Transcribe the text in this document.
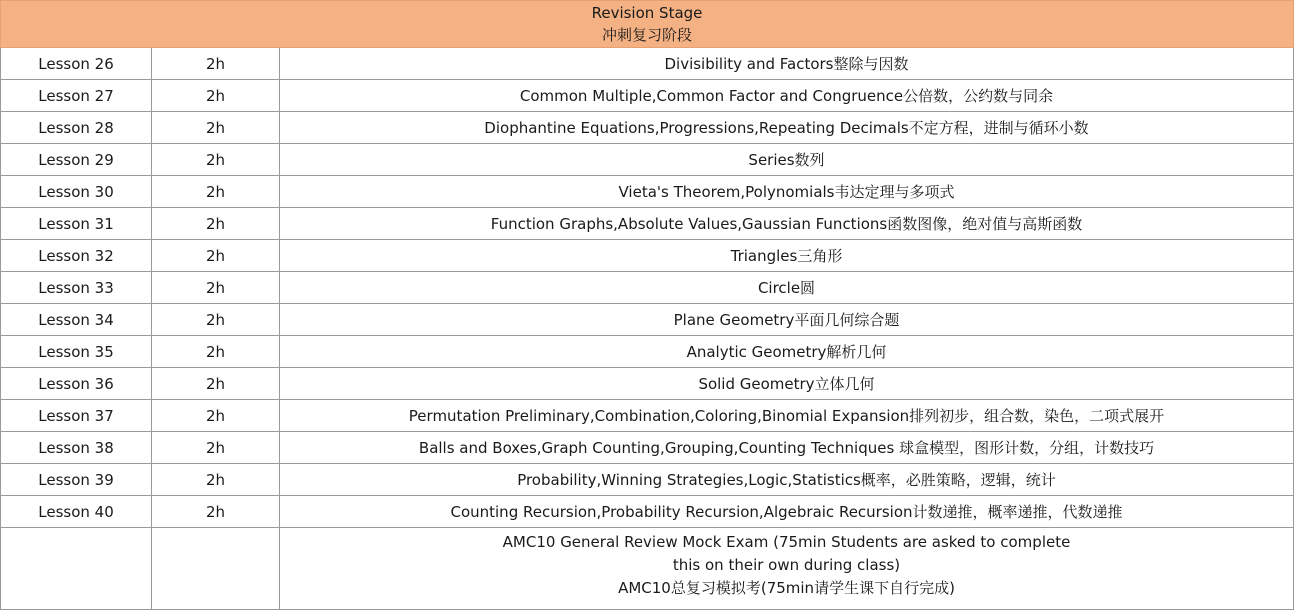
Revision Stage
冲刺复习阶段		

Lesson 26	2h	Divisibility and Factors整除与因数
Lesson 27	2h	Common Multiple,Common Factor and Congruence公倍数，公约数与同余
Lesson 28	2h	Diophantine Equations,Progressions,Repeating Decimals不定方程，进制与循环小数
Lesson 29	2h	Series数列
Lesson 30	2h	Vieta's Theorem,Polynomials韦达定理与多项式
Lesson 31	2h	Function Graphs,Absolute Values,Gaussian Functions函数图像，绝对值与高斯函数
Lesson 32	2h	Triangles三角形
Lesson 33	2h	Circle圆
Lesson 34	2h	Plane Geometry平面几何综合题
Lesson 35	2h	Analytic Geometry解析几何
Lesson 36	2h	Solid Geometry立体几何
Lesson 37	2h	Permutation Preliminary,Combination,Coloring,Binomial Expansion排列初步，组合数，染色，二项式展开
Lesson 38	2h	Balls and Boxes,Graph Counting,Grouping,Counting Techniques 球盒模型，图形计数，分组，计数技巧
Lesson 39	2h	Probability,Winning Strategies,Logic,Statistics概率，必胜策略，逻辑，统计
Lesson 40	2h	Counting Recursion,Probability Recursion,Algebraic Recursion计数递推，概率递推，代数递推

		AMC10 General Review Mock Exam (75min Students are asked to complete
this on their own during class)
AMC10总复习模拟考(75min请学生课下自行完成)
